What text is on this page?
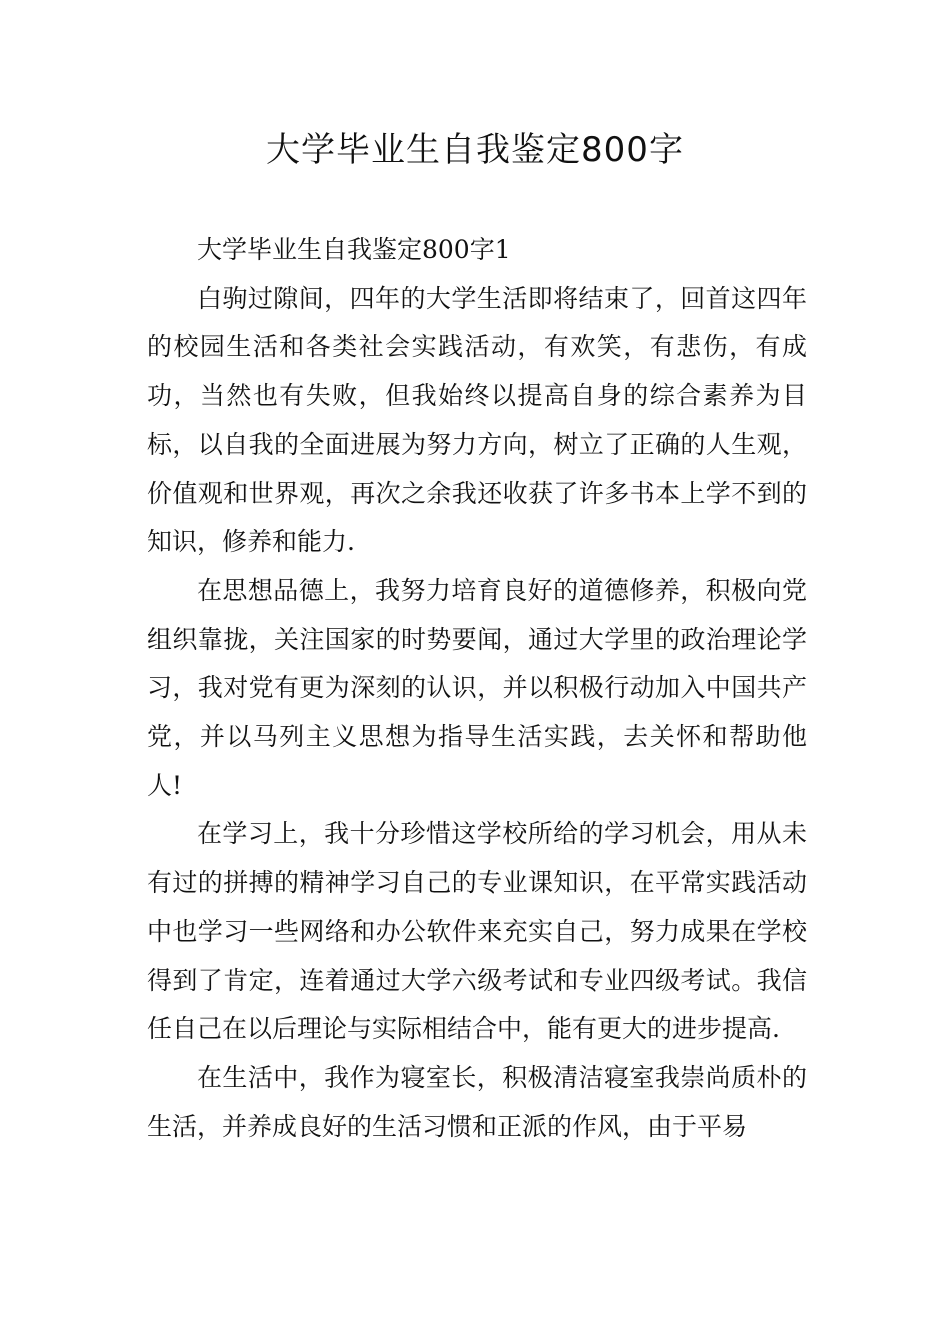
大学毕业生自我鉴定800字

大学毕业生自我鉴定800字1

白驹过隙间，四年的大学生活即将结束了，回首这四年的校园生活和各类社会实践活动，有欢笑，有悲伤，有成功，当然也有失败，但我始终以提高自身的综合素养为目标，以自我的全面进展为努力方向，树立了正确的人生观，价值观和世界观，再次之余我还收获了许多书本上学不到的知识，修养和能力.

在思想品德上，我努力培育良好的道德修养，积极向党组织靠拢，关注国家的时势要闻，通过大学里的政治理论学习，我对党有更为深刻的认识，并以积极行动加入中国共产党，并以马列主义思想为指导生活实践，去关怀和帮助他人!

在学习上，我十分珍惜这学校所给的学习机会，用从未有过的拼搏的精神学习自己的专业课知识，在平常实践活动中也学习一些网络和办公软件来充实自己，努力成果在学校得到了肯定，连着通过大学六级考试和专业四级考试。我信任自己在以后理论与实际相结合中，能有更大的进步提高.

在生活中，我作为寝室长，积极清洁寝室我崇尚质朴的生活，并养成良好的生活习惯和正派的作风，由于平易
